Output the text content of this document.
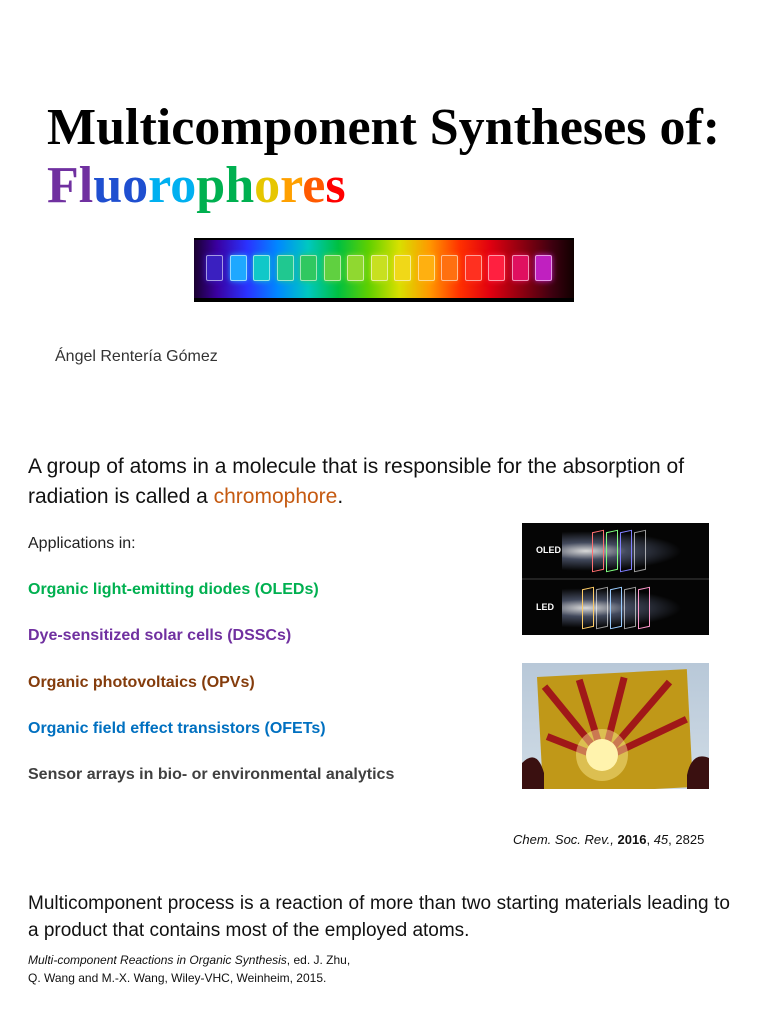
Multicomponent Syntheses of:
Fluorophores
Ángel Rentería Gómez
A group of atoms in a molecule that is responsible for the absorption of radiation is called a chromophore.
Applications in:
Organic light-emitting diodes (OLEDs)
Dye-sensitized solar cells (DSSCs)
Organic photovoltaics (OPVs)
Organic field effect transistors (OFETs)
Sensor arrays in bio- or environmental analytics
OLED
LED
Chem. Soc. Rev., 2016, 45, 2825
Multicomponent process is a reaction of more than two starting materials leading to a product that contains most of the employed atoms.
Multi-component Reactions in Organic Synthesis, ed. J. Zhu,
Q. Wang and M.-X. Wang, Wiley-VHC, Weinheim, 2015.
